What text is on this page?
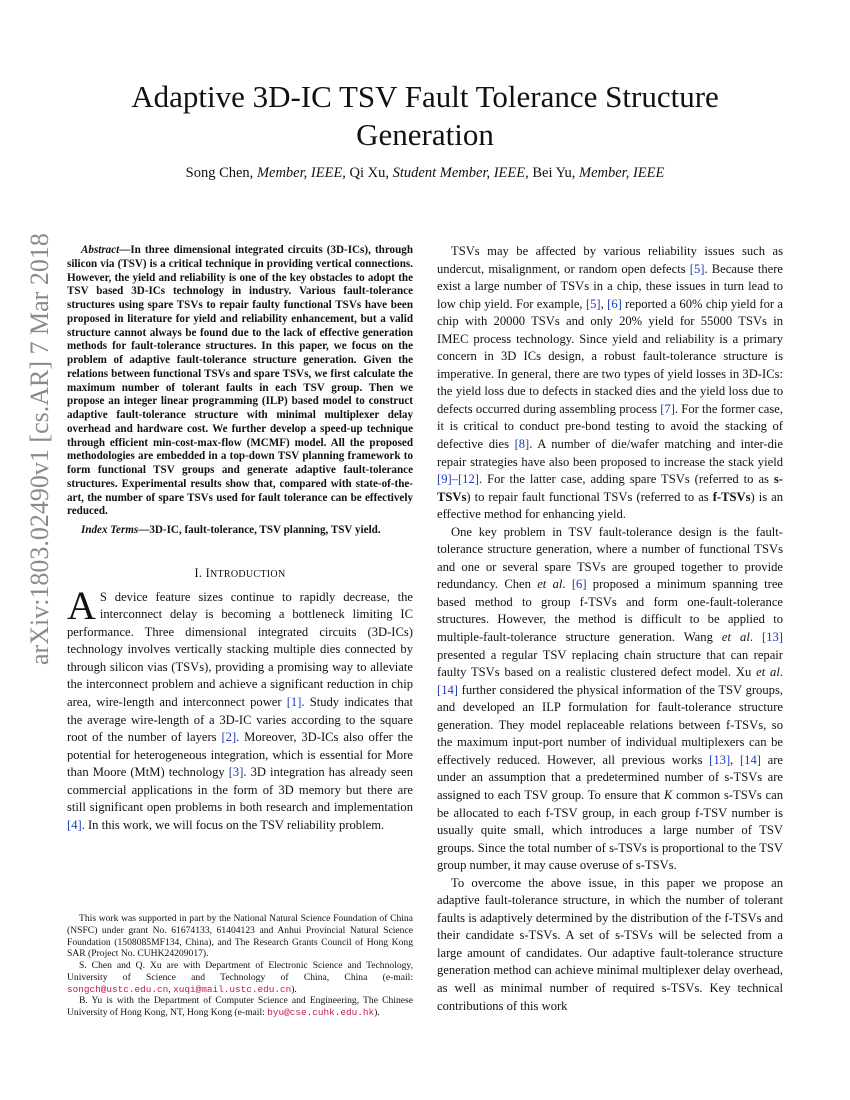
arXiv:1803.02490v1 [cs.AR] 7 Mar 2018
Adaptive 3D-IC TSV Fault Tolerance Structure Generation
Song Chen, Member, IEEE, Qi Xu, Student Member, IEEE, Bei Yu, Member, IEEE

Abstract—In three dimensional integrated circuits (3D-ICs), through silicon via (TSV) is a critical technique in providing vertical connections. However, the yield and reliability is one of the key obstacles to adopt the TSV based 3D-ICs technology in industry. Various fault-tolerance structures using spare TSVs to repair faulty functional TSVs have been proposed in literature for yield and reliability enhancement, but a valid structure cannot always be found due to the lack of effective generation methods for fault-tolerance structures. In this paper, we focus on the problem of adaptive fault-tolerance structure generation. Given the relations between functional TSVs and spare TSVs, we first calculate the maximum number of tolerant faults in each TSV group. Then we propose an integer linear programming (ILP) based model to construct adaptive fault-tolerance structure with minimal multiplexer delay overhead and hardware cost. We further develop a speed-up technique through efficient min-cost-max-flow (MCMF) model. All the proposed methodologies are embedded in a top-down TSV planning framework to form functional TSV groups and generate adaptive fault-tolerance structures. Experimental results show that, compared with state-of-the-art, the number of spare TSVs used for fault tolerance can be effectively reduced.

Index Terms—3D-IC, fault-tolerance, TSV planning, TSV yield.

I. INTRODUCTION

A S device feature sizes continue to rapidly decrease, the interconnect delay is becoming a bottleneck limiting IC performance. Three dimensional integrated circuits (3D-ICs) technology involves vertically stacking multiple dies connected by through silicon vias (TSVs), providing a promising way to alleviate the interconnect problem and achieve a significant reduction in chip area, wire-length and interconnect power [1]. Study indicates that the average wire-length of a 3D-IC varies according to the square root of the number of layers [2]. Moreover, 3D-ICs also offer the potential for heterogeneous integration, which is essential for More than Moore (MtM) technology [3]. 3D integration has already seen commercial applications in the form of 3D memory but there are still significant open problems in both research and implementation [4]. In this work, we will focus on the TSV reliability problem.

This work was supported in part by the National Natural Science Foundation of China (NSFC) under grant No. 61674133, 61404123 and Anhui Provincial Natural Science Foundation (1508085MF134, China), and The Research Grants Council of Hong Kong SAR (Project No. CUHK24209017).

S. Chen and Q. Xu are with Department of Electronic Science and Technology, University of Science and Technology of China, China (e-mail: songch@ustc.edu.cn, xuqi@mail.ustc.edu.cn).

B. Yu is with the Department of Computer Science and Engineering, The Chinese University of Hong Kong, NT, Hong Kong (e-mail: byu@cse.cuhk.edu.hk).

TSVs may be affected by various reliability issues such as undercut, misalignment, or random open defects [5]. Because there exist a large number of TSVs in a chip, these issues in turn lead to low chip yield. For example, [5], [6] reported a 60% chip yield for a chip with 20000 TSVs and only 20% yield for 55000 TSVs in IMEC process technology. Since yield and reliability is a primary concern in 3D ICs design, a robust fault-tolerance structure is imperative. In general, there are two types of yield losses in 3D-ICs: the yield loss due to defects in stacked dies and the yield loss due to defects occurred during assembling process [7]. For the former case, it is critical to conduct pre-bond testing to avoid the stacking of defective dies [8]. A number of die/wafer matching and inter-die repair strategies have also been proposed to increase the stack yield [9]–[12]. For the latter case, adding spare TSVs (referred to as s-TSVs) to repair fault functional TSVs (referred to as f-TSVs) is an effective method for enhancing yield.

One key problem in TSV fault-tolerance design is the fault-tolerance structure generation, where a number of functional TSVs and one or several spare TSVs are grouped together to provide redundancy. Chen et al. [6] proposed a minimum spanning tree based method to group f-TSVs and form one-fault-tolerance structures. However, the method is difficult to be applied to multiple-fault-tolerance structure generation. Wang et al. [13] presented a regular TSV replacing chain structure that can repair faulty TSVs based on a realistic clustered defect model. Xu et al. [14] further considered the physical information of the TSV groups, and developed an ILP formulation for fault-tolerance structure generation. They model replaceable relations between f-TSVs, so the maximum input-port number of individual multiplexers can be effectively reduced. However, all previous works [13], [14] are under an assumption that a predetermined number of s-TSVs are assigned to each TSV group. To ensure that K common s-TSVs can be allocated to each f-TSV group, in each group f-TSV number is usually quite small, which introduces a large number of TSV groups. Since the total number of s-TSVs is proportional to the TSV group number, it may cause overuse of s-TSVs.

To overcome the above issue, in this paper we propose an adaptive fault-tolerance structure, in which the number of tolerant faults is adaptively determined by the distribution of the f-TSVs and their candidate s-TSVs. A set of s-TSVs will be selected from a large amount of candidates. Our adaptive fault-tolerance structure generation method can achieve minimal multiplexer delay overhead, as well as minimal number of required s-TSVs. Key technical contributions of this work
